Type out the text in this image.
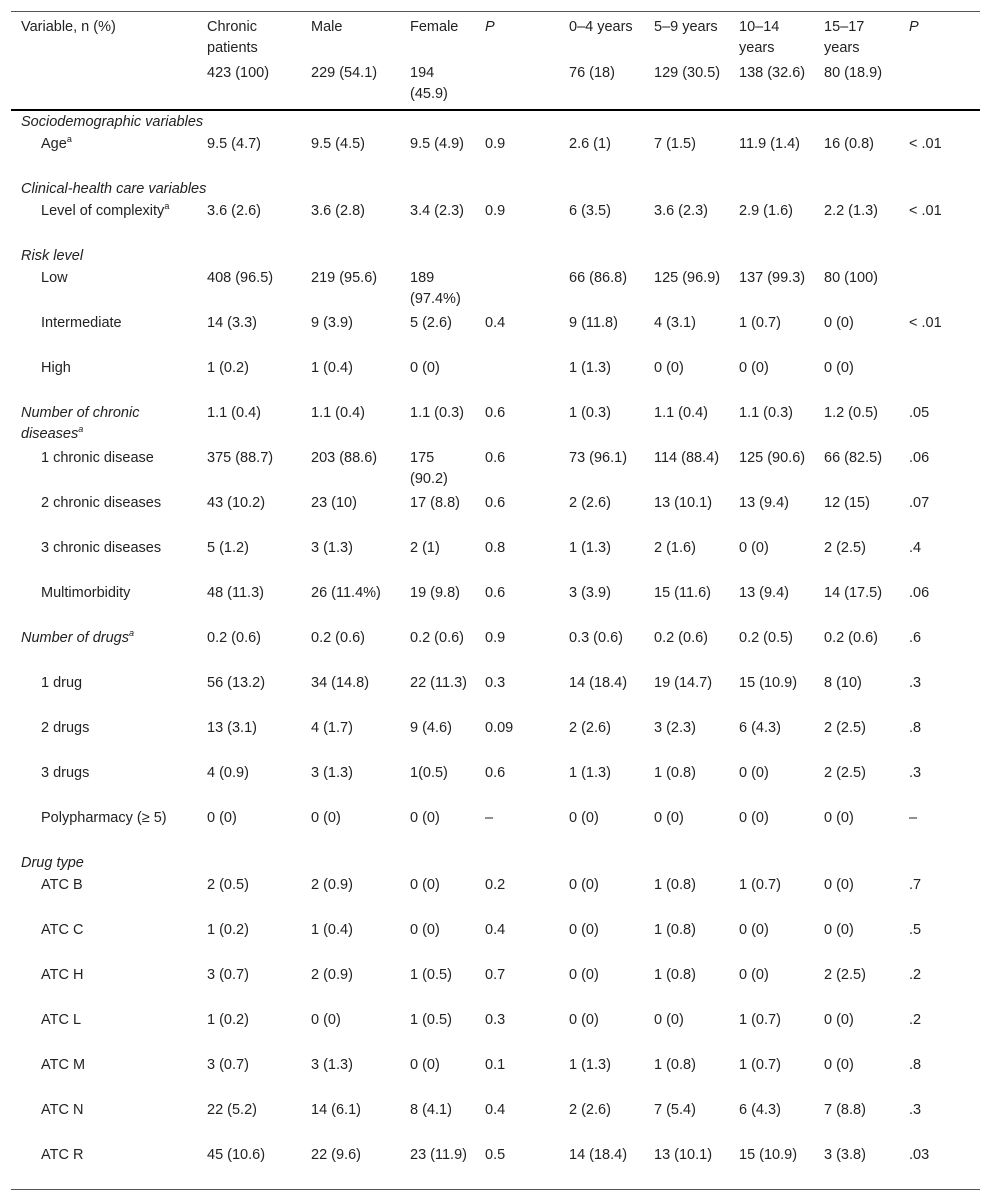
Variable, n (%)	Chronic patients	Male	Female	P	0–4 years	5–9 years	10–14 years	15–17 years	P
	423 (100)	229 (54.1)	194 (45.9)		76 (18)	129 (30.5)	138 (32.6)	80 (18.9)	
Sociodemographic variables									
Age$^a$	9.5 (4.7)	9.5 (4.5)	9.5 (4.9)	0.9	2.6 (1)	7 (1.5)	11.9 (1.4)	16 (0.8)	< .01
Clinical-health care variables									
Level of complexity$^a$	3.6 (2.6)	3.6 (2.8)	3.4 (2.3)	0.9	6 (3.5)	3.6 (2.3)	2.9 (1.6)	2.2 (1.3)	< .01
Risk level									
Low	408 (96.5)	219 (95.6)	189 (97.4%)		66 (86.8)	125 (96.9)	137 (99.3)	80 (100)	
Intermediate	14 (3.3)	9 (3.9)	5 (2.6)	0.4	9 (11.8)	4 (3.1)	1 (0.7)	0 (0)	< .01
High	1 (0.2)	1 (0.4)	0 (0)		1 (1.3)	0 (0)	0 (0)	0 (0)	
Number of chronic diseases$^a$	1.1 (0.4)	1.1 (0.4)	1.1 (0.3)	0.6	1 (0.3)	1.1 (0.4)	1.1 (0.3)	1.2 (0.5)	.05
1 chronic disease	375 (88.7)	203 (88.6)	175 (90.2)	0.6	73 (96.1)	114 (88.4)	125 (90.6)	66 (82.5)	.06
2 chronic diseases	43 (10.2)	23 (10)	17 (8.8)	0.6	2 (2.6)	13 (10.1)	13 (9.4)	12 (15)	.07
3 chronic diseases	5 (1.2)	3 (1.3)	2 (1)	0.8	1 (1.3)	2 (1.6)	0 (0)	2 (2.5)	.4
Multimorbidity	48 (11.3)	26 (11.4%)	19 (9.8)	0.6	3 (3.9)	15 (11.6)	13 (9.4)	14 (17.5)	.06
Number of drugs$^a$	0.2 (0.6)	0.2 (0.6)	0.2 (0.6)	0.9	0.3 (0.6)	0.2 (0.6)	0.2 (0.5)	0.2 (0.6)	.6
1 drug	56 (13.2)	34 (14.8)	22 (11.3)	0.3	14 (18.4)	19 (14.7)	15 (10.9)	8 (10)	.3
2 drugs	13 (3.1)	4 (1.7)	9 (4.6)	0.09	2 (2.6)	3 (2.3)	6 (4.3)	2 (2.5)	.8
3 drugs	4 (0.9)	3 (1.3)	1(0.5)	0.6	1 (1.3)	1 (0.8)	0 (0)	2 (2.5)	.3
Polypharmacy (≥ 5)	0 (0)	0 (0)	0 (0)	–	0 (0)	0 (0)	0 (0)	0 (0)	–
Drug type									
ATC B	2 (0.5)	2 (0.9)	0 (0)	0.2	0 (0)	1 (0.8)	1 (0.7)	0 (0)	.7
ATC C	1 (0.2)	1 (0.4)	0 (0)	0.4	0 (0)	1 (0.8)	0 (0)	0 (0)	.5
ATC H	3 (0.7)	2 (0.9)	1 (0.5)	0.7	0 (0)	1 (0.8)	0 (0)	2 (2.5)	.2
ATC L	1 (0.2)	0 (0)	1 (0.5)	0.3	0 (0)	0 (0)	1 (0.7)	0 (0)	.2
ATC M	3 (0.7)	3 (1.3)	0 (0)	0.1	1 (1.3)	1 (0.8)	1 (0.7)	0 (0)	.8
ATC N	22 (5.2)	14 (6.1)	8 (4.1)	0.4	2 (2.6)	7 (5.4)	6 (4.3)	7 (8.8)	.3
ATC R	45 (10.6)	22 (9.6)	23 (11.9)	0.5	14 (18.4)	13 (10.1)	15 (10.9)	3 (3.8)	.03
